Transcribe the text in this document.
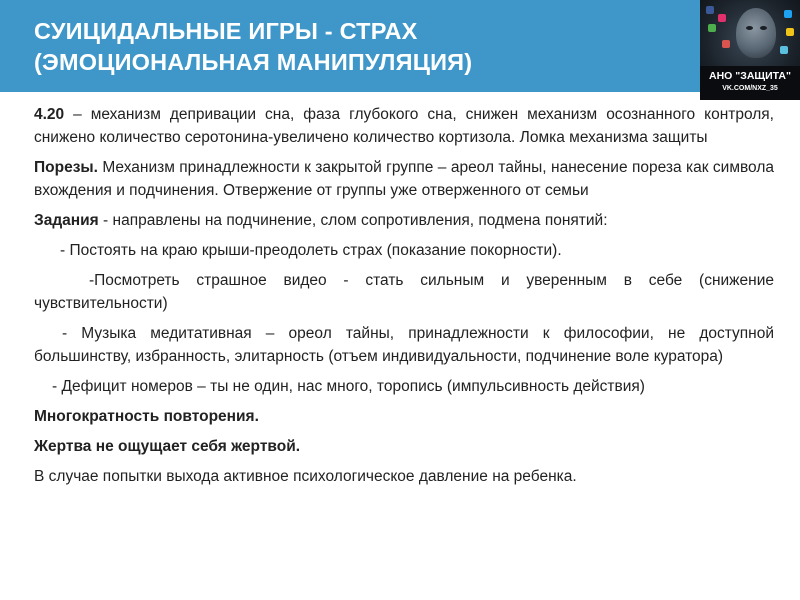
СУИЦИДАЛЬНЫЕ ИГРЫ - СТРАХ
(ЭМОЦИОНАЛЬНАЯ МАНИПУЛЯЦИЯ)
АНО "ЗАЩИТА"
VK.COM/NXZ_35

4.20 – механизм депривации сна, фаза глубокого сна, снижен механизм осознанного контроля, снижено количество серотонина-увеличено количество кортизола. Ломка механизма защиты

Порезы. Механизм принадлежности к закрытой группе – ареол тайны, нанесение пореза как символа вхождения и подчинения. Отвержение от группы уже отверженного от семьи

Задания - направлены на подчинение, слом сопротивления, подмена понятий:

- Постоять на краю крыши-преодолеть страх (показание покорности).

-Посмотреть страшное видео - стать сильным и уверенным в себе (снижение чувствительности)

- Музыка медитативная – ореол тайны, принадлежности к философии, не доступной большинству, избранность, элитарность (отъем индивидуальности, подчинение воле куратора)

- Дефицит номеров – ты не один, нас много, торопись (импульсивность действия)

Многократность повторения.

Жертва не ощущает себя жертвой.

В случае попытки выхода активное психологическое давление на ребенка.
